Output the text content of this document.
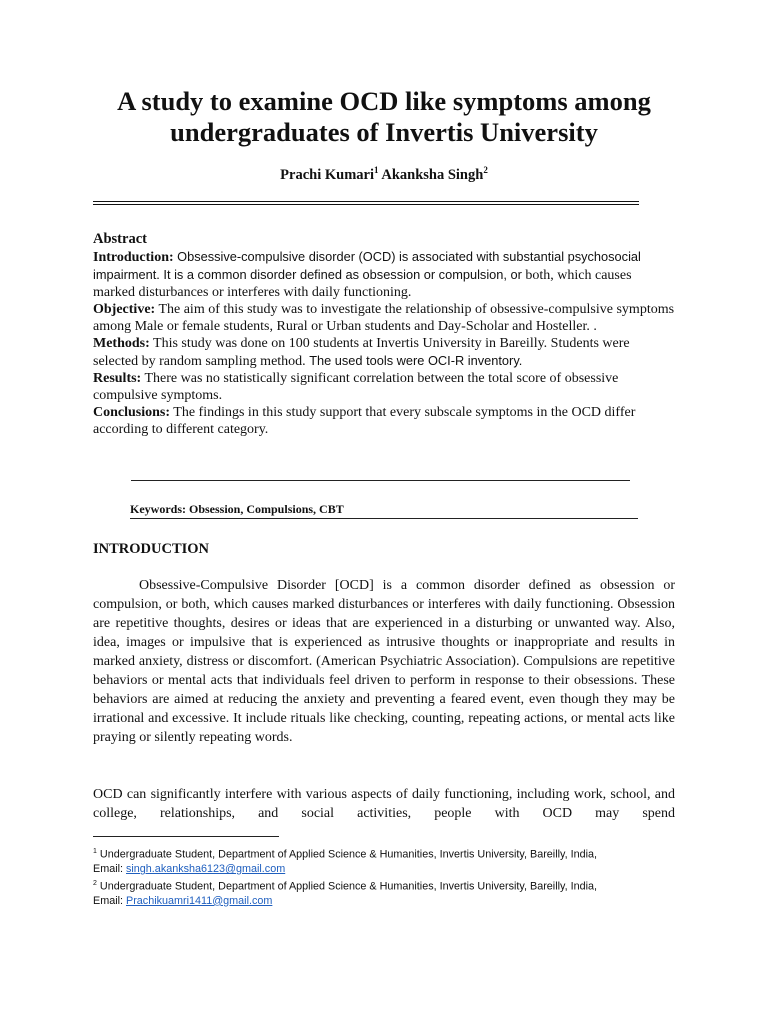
A study to examine OCD like symptoms among undergraduates of Invertis University
Prachi Kumari$^1$ Akanksha Singh$^2$

Abstract

Introduction: Obsessive-compulsive disorder (OCD) is associated with substantial psychosocial impairment. It is a common disorder defined as obsession or compulsion, or both, which causes marked disturbances or interferes with daily functioning.

Objective: The aim of this study was to investigate the relationship of obsessive-compulsive symptoms among Male or female students, Rural or Urban students and Day-Scholar and Hosteller. .

Methods: This study was done on 100 students at Invertis University in Bareilly. Students were selected by random sampling method. The used tools were OCI-R inventory.

Results: There was no statistically significant correlation between the total score of obsessive compulsive symptoms.

Conclusions: The findings in this study support that every subscale symptoms in the OCD differ according to different category.

Keywords: Obsession, Compulsions, CBT
INTRODUCTION

Obsessive-Compulsive Disorder [OCD] is a common disorder defined as obsession or compulsion, or both, which causes marked disturbances or interferes with daily functioning. Obsession are repetitive thoughts, desires or ideas that are experienced in a disturbing or unwanted way. Also, idea, images or impulsive that is experienced as intrusive thoughts or inappropriate and results in marked anxiety, distress or discomfort. (American Psychiatric Association). Compulsions are repetitive behaviors or mental acts that individuals feel driven to perform in response to their obsessions. These behaviors are aimed at reducing the anxiety and preventing a feared event, even though they may be irrational and excessive. It include rituals like checking, counting, repeating actions, or mental acts like praying or silently repeating words.

OCD can significantly interfere with various aspects of daily functioning, including work, school, and college, relationships, and social activities, people with OCD may spend

$^1$ Undergraduate Student, Department of Applied Science & Humanities, Invertis University, Bareilly, India,
Email: singh.akanksha6123@gmail.com

$^2$ Undergraduate Student, Department of Applied Science & Humanities, Invertis University, Bareilly, India,
Email: Prachikuamri1411@gmail.com
